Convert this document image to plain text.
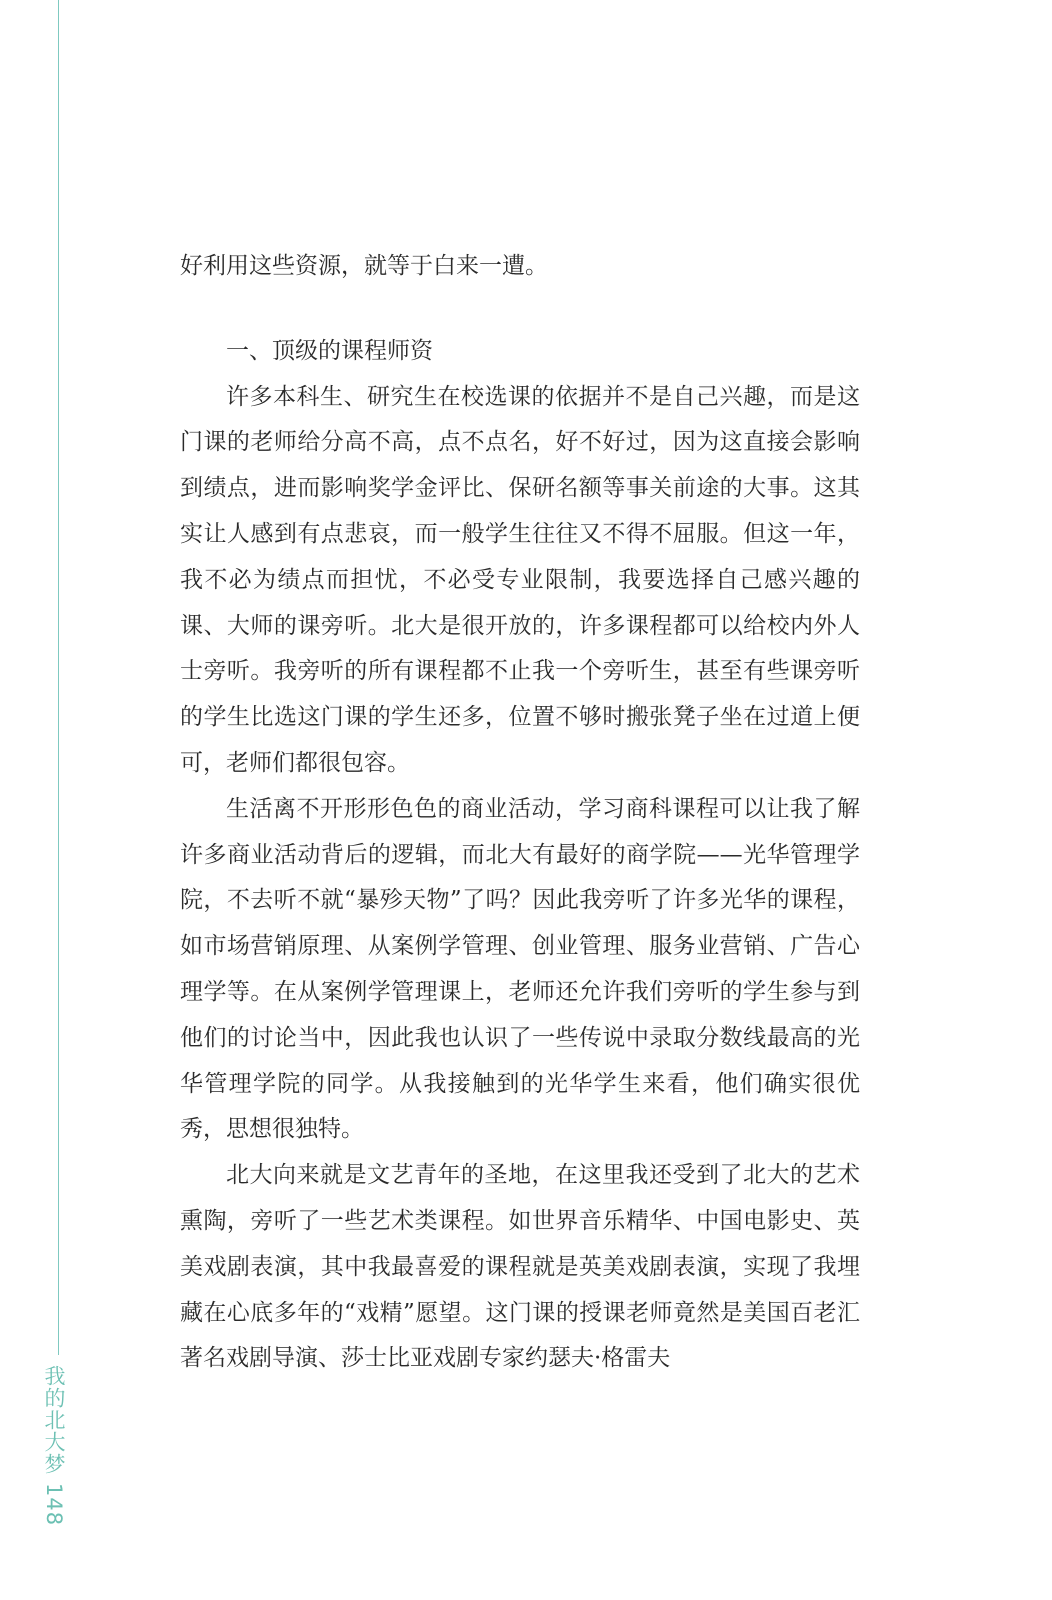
我的北大梦
148

好利用这些资源，就等于白来一遭。

一、顶级的课程师资

许多本科生、研究生在校选课的依据并不是自己兴趣，而是这门课的老师给分高不高，点不点名，好不好过，因为这直接会影响到绩点，进而影响奖学金评比、保研名额等事关前途的大事。这其实让人感到有点悲哀，而一般学生往往又不得不屈服。但这一年，我不必为绩点而担忧，不必受专业限制，我要选择自己感兴趣的课、大师的课旁听。北大是很开放的，许多课程都可以给校内外人士旁听。我旁听的所有课程都不止我一个旁听生，甚至有些课旁听的学生比选这门课的学生还多，位置不够时搬张凳子坐在过道上便可，老师们都很包容。

生活离不开形形色色的商业活动，学习商科课程可以让我了解许多商业活动背后的逻辑，而北大有最好的商学院——光华管理学院，不去听不就“暴殄天物”了吗？因此我旁听了许多光华的课程，如市场营销原理、从案例学管理、创业管理、服务业营销、广告心理学等。在从案例学管理课上，老师还允许我们旁听的学生参与到他们的讨论当中，因此我也认识了一些传说中录取分数线最高的光华管理学院的同学。从我接触到的光华学生来看，他们确实很优秀，思想很独特。

北大向来就是文艺青年的圣地，在这里我还受到了北大的艺术熏陶，旁听了一些艺术类课程。如世界音乐精华、中国电影史、英美戏剧表演，其中我最喜爱的课程就是英美戏剧表演，实现了我埋藏在心底多年的“戏精”愿望。这门课的授课老师竟然是美国百老汇著名戏剧导演、莎士比亚戏剧专家约瑟夫·格雷夫
